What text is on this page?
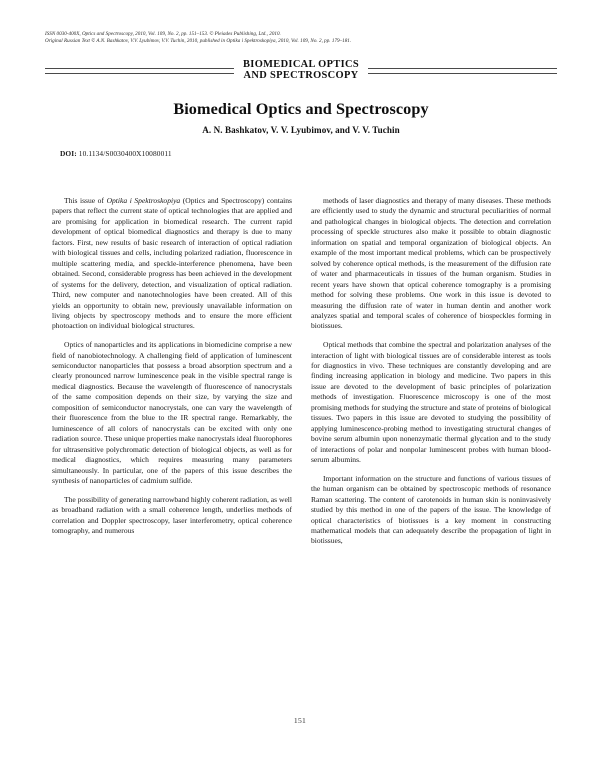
ISSN 0030-400X, Optics and Spectroscopy, 2010, Vol. 109, No. 2, pp. 151–153. © Pleiades Publishing, Ltd., 2010.
Original Russian Text © A.N. Bashkatov, V.V. Lyubimov, V.V. Tuchin, 2010, published in Optika i Spektroskopiya, 2010, Vol. 109, No. 2, pp. 179–181.
BIOMEDICAL OPTICS
AND SPECTROSCOPY
Biomedical Optics and Spectroscopy
A. N. Bashkatov, V. V. Lyubimov, and V. V. Tuchin
DOI: 10.1134/S0030400X10080011

This issue of Optika i Spektroskopiya (Optics and Spectroscopy) contains papers that reflect the current state of optical technologies that are applied and are promising for application in biomedical research. The current rapid development of optical biomedical diagnostics and therapy is due to many factors. First, new results of basic research of interaction of optical radiation with biological tissues and cells, including polarized radiation, fluorescence in multiple scattering media, and speckle-interference phenomena, have been obtained. Second, considerable progress has been achieved in the development of systems for the delivery, detection, and visualization of optical radiation. Third, new computer and nanotechnologies have been created. All of this yields an opportunity to obtain new, previously unavailable information on living objects by spectroscopy methods and to ensure the more efficient photoaction on individual biological structures.

Optics of nanoparticles and its applications in biomedicine comprise a new field of nanobiotechnology. A challenging field of application of luminescent semiconductor nanoparticles that possess a broad absorption spectrum and a clearly pronounced narrow luminescence peak in the visible spectral range is medical diagnostics. Because the wavelength of fluorescence of nanocrystals of the same composition depends on their size, by varying the size and composition of semiconductor nanocrystals, one can vary the wavelength of their fluorescence from the blue to the IR spectral range. Remarkably, the luminescence of all colors of nanocrystals can be excited with only one radiation source. These unique properties make nanocrystals ideal fluorophores for ultrasensitive polychromatic detection of biological objects, as well as for medical diagnostics, which requires measuring many parameters simultaneously. In particular, one of the papers of this issue describes the synthesis of nanoparticles of cadmium sulfide.

The possibility of generating narrowband highly coherent radiation, as well as broadband radiation with a small coherence length, underlies methods of correlation and Doppler spectroscopy, laser interferometry, optical coherence tomography, and numerous

methods of laser diagnostics and therapy of many diseases. These methods are efficiently used to study the dynamic and structural peculiarities of normal and pathological changes in biological objects. The detection and correlation processing of speckle structures also make it possible to obtain diagnostic information on spatial and temporal organization of biological objects. An example of the most important medical problems, which can be prospectively solved by coherence optical methods, is the measurement of the diffusion rate of water and pharmaceuticals in tissues of the human organism. Studies in recent years have shown that optical coherence tomography is a promising method for solving these problems. One work in this issue is devoted to measuring the diffusion rate of water in human dentin and another work analyzes spatial and temporal scales of coherence of biospeckles forming in biotissues.

Optical methods that combine the spectral and polarization analyses of the interaction of light with biological tissues are of considerable interest as tools for diagnostics in vivo. These techniques are constantly developing and are finding increasing application in biology and medicine. Two papers in this issue are devoted to the development of basic principles of polarization methods of investigation. Fluorescence microscopy is one of the most promising methods for studying the structure and state of proteins of biological tissues. Two papers in this issue are devoted to studying the possibility of applying luminescence-probing method to investigating structural changes of bovine serum albumin upon nonenzymatic thermal glycation and to the study of interactions of polar and nonpolar luminescent probes with human blood-serum albumins.

Important information on the structure and functions of various tissues of the human organism can be obtained by spectroscopic methods of resonance Raman scattering. The content of carotenoids in human skin is noninvasively studied by this method in one of the papers of the issue. The knowledge of optical characteristics of biotissues is a key moment in constructing mathematical models that can adequately describe the propagation of light in biotissues,

151
